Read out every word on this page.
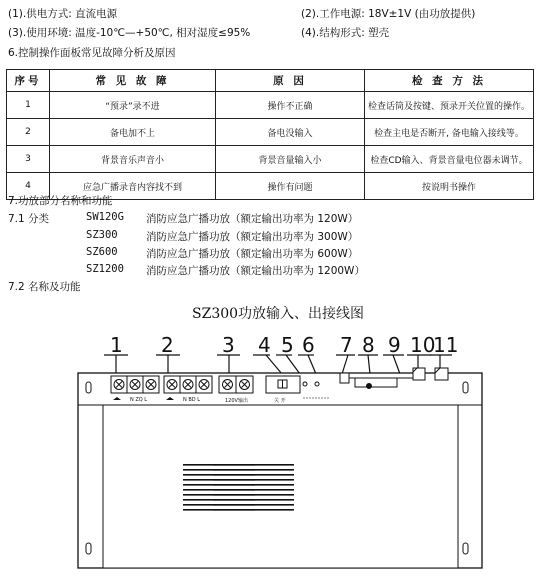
(1).供电方式: 直流电源	(2).工作电源: 18V±1V (由功放提供)
(3).使用环境: 温度-10℃—+50℃, 相对湿度≤95%	(4).结构形式: 塑壳
6.控制操作面板常见故障分析及原因
序号	常 见 故 障	原 因	检 查 方 法
1	“预录”录不进	操作不正确	检查话筒及按键、预录开关位置的操作。
2	备电加不上	备电没输入	检查主电是否断开, 备电输入接线等。
3	背景音乐声音小	背景音量输入小	检查CD输入、背景音量电位器未调节。
4	应急广播录音内容找不到	操作有问题	按说明书操作
7.功放部分名称和功能
7.1 分类	SW120G 消防应急广播功放（额定输出功率为 120W）
SZ300	消防应急广播功放（额定输出功率为 300W）
SZ600	消防应急广播功放（额定输出功率为 600W）
SZ1200 消防应急广播功放（额定输出功率为 1200W）
7.2 名称及功能
SZ300功放输入、出接线图
1 2 3 4 5 6 7 8 9 10
11
N ZQ L	N BD L	120V输出	关 开
